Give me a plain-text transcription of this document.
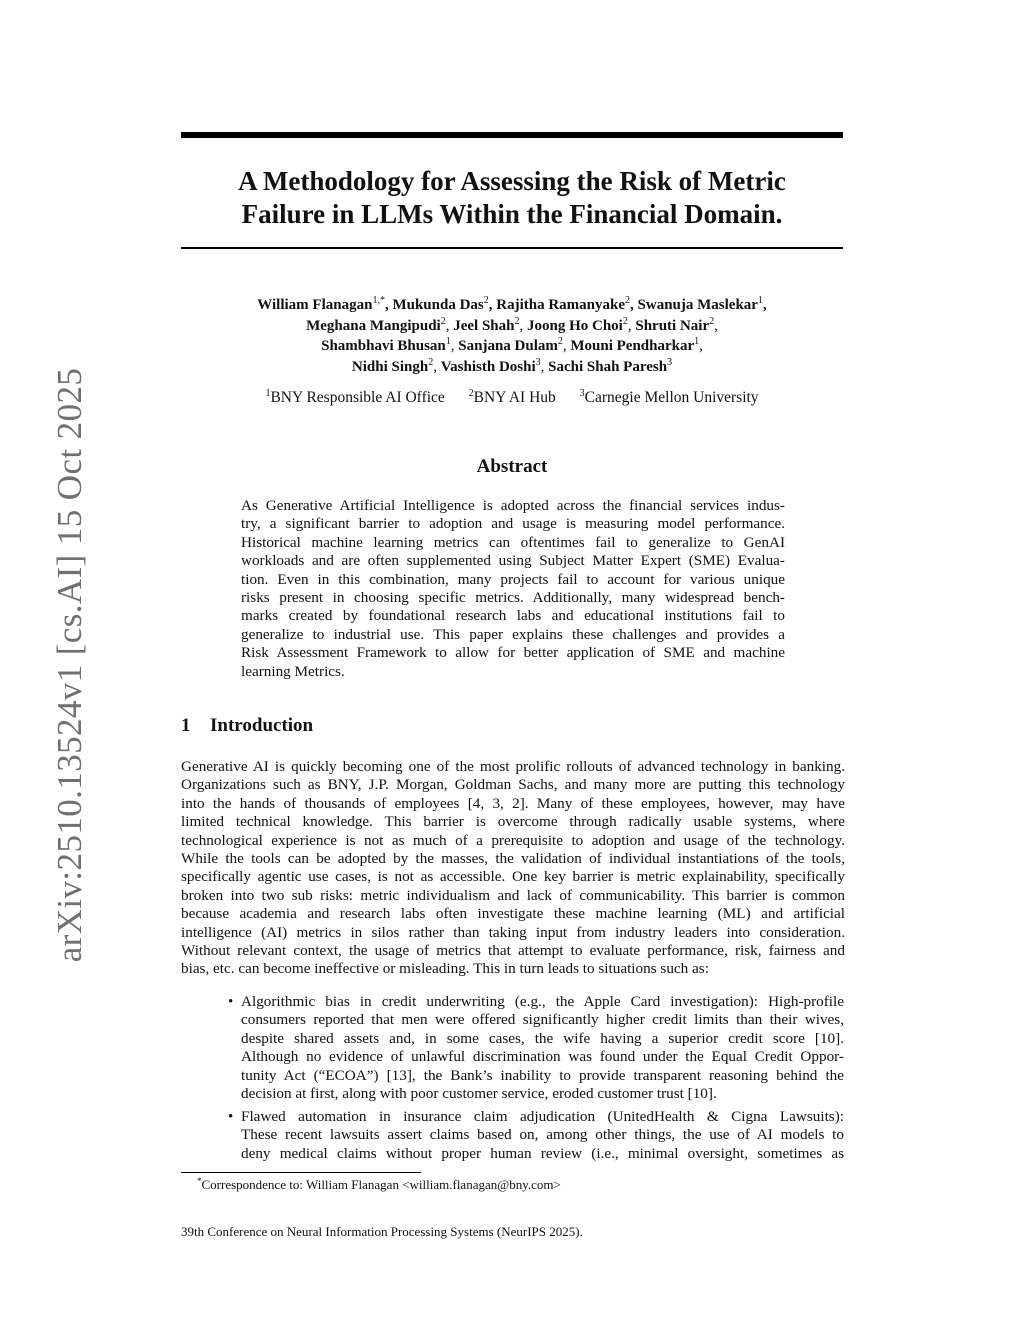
arXiv:2510.13524v1 [cs.AI] 15 Oct 2025
A Methodology for Assessing the Risk of Metric
Failure in LLMs Within the Financial Domain.
William Flanagan$^{1,*}$, Mukunda Das$^2$, Rajitha Ramanyake$^2$, Swanuja Maslekar$^1$,
Meghana Mangipudi$^2$, Jeel Shah$^2$, Joong Ho Choi$^2$, Shruti Nair$^2$,
Shambhavi Bhusan$^1$, Sanjana Dulam$^2$, Mouni Pendharkar$^1$,
Nidhi Singh$^2$, Vashisth Doshi$^3$, Sachi Shah Paresh$^3$
$^1$BNY Responsible AI Office $^2$BNY AI Hub $^3$Carnegie Mellon University
Abstract
As Generative Artificial Intelligence is adopted across the financial services indus-
try, a significant barrier to adoption and usage is measuring model performance.
Historical machine learning metrics can oftentimes fail to generalize to GenAI
workloads and are often supplemented using Subject Matter Expert (SME) Evalua-
tion. Even in this combination, many projects fail to account for various unique
risks present in choosing specific metrics. Additionally, many widespread bench-
marks created by foundational research labs and educational institutions fail to
generalize to industrial use. This paper explains these challenges and provides a
Risk Assessment Framework to allow for better application of SME and machine
learning Metrics.
1 Introduction
Generative AI is quickly becoming one of the most prolific rollouts of advanced technology in banking.
Organizations such as BNY, J.P. Morgan, Goldman Sachs, and many more are putting this technology
into the hands of thousands of employees [4, 3, 2]. Many of these employees, however, may have
limited technical knowledge. This barrier is overcome through radically usable systems, where
technological experience is not as much of a prerequisite to adoption and usage of the technology.
While the tools can be adopted by the masses, the validation of individual instantiations of the tools,
specifically agentic use cases, is not as accessible. One key barrier is metric explainability, specifically
broken into two sub risks: metric individualism and lack of communicability. This barrier is common
because academia and research labs often investigate these machine learning (ML) and artificial
intelligence (AI) metrics in silos rather than taking input from industry leaders into consideration.
Without relevant context, the usage of metrics that attempt to evaluate performance, risk, fairness and
bias, etc. can become ineffective or misleading. This in turn leads to situations such as:
• Algorithmic bias in credit underwriting (e.g., the Apple Card investigation): High-profile
consumers reported that men were offered significantly higher credit limits than their wives,
despite shared assets and, in some cases, the wife having a superior credit score [10].
Although no evidence of unlawful discrimination was found under the Equal Credit Oppor-
tunity Act (“ECOA”) [13], the Bank’s inability to provide transparent reasoning behind the
decision at first, along with poor customer service, eroded customer trust [10].
• Flawed automation in insurance claim adjudication (UnitedHealth & Cigna Lawsuits):
These recent lawsuits assert claims based on, among other things, the use of AI models to
deny medical claims without proper human review (i.e., minimal oversight, sometimes as
*Correspondence to: William Flanagan <william.flanagan@bny.com>
39th Conference on Neural Information Processing Systems (NeurIPS 2025).
